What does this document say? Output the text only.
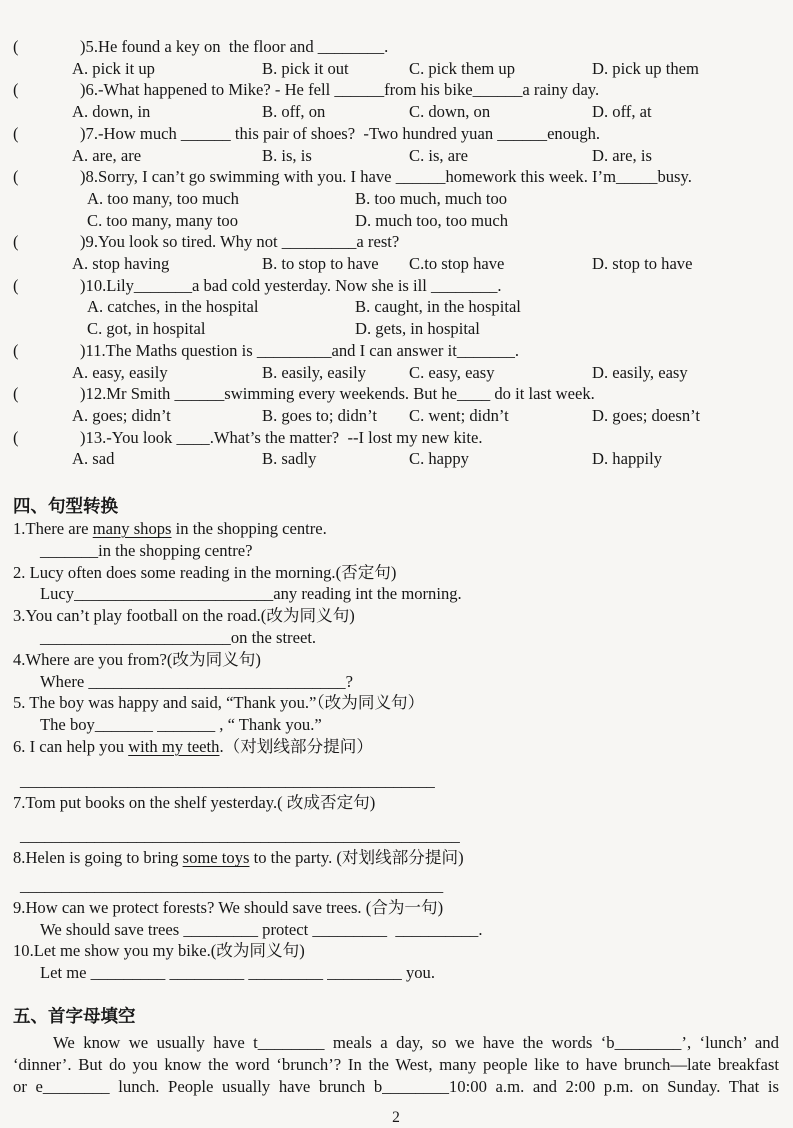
(	)5.He found a key on  the floor and ________.
A. pick it up	B. pick it out	C. pick them up	D. pick up them
(	)6.-What happened to Mike? - He fell ______from his bike______a rainy day.
A. down, in	B. off, on	C. down, on	D. off, at
(	)7.-How much ______ this pair of shoes?  -Two hundred yuan ______enough.
A. are, are	B. is, is	C. is, are	D. are, is
(	)8.Sorry, I can’t go swimming with you. I have ______homework this week. I’m_____busy.
A. too many, too much	B. too much, much too
C. too many, many too	D. much too, too much
(	)9.You look so tired. Why not _________a rest?
A. stop having	B. to stop to have	C.to stop have	D. stop to have
(	)10.Lily_______a bad cold yesterday. Now she is ill ________.
A. catches, in the hospital	B. caught, in the hospital
C. got, in hospital	D. gets, in hospital
(	)11.The Maths question is _________and I can answer it_______.
A. easy, easily	B. easily, easily	C. easy, easy	D. easily, easy
(	)12.Mr Smith ______swimming every weekends. But he____ do it last week.
A. goes; didn’t	B. goes to; didn’t	C. went; didn’t	D. goes; doesn’t
(	)13.-You look ____.What’s the matter?  --I lost my new kite.
A. sad	B. sadly	C. happy	D. happily
四、句型转换
1.There are many shops in the shopping centre.
_______in the shopping centre?
2. Lucy often does some reading in the morning.(否定句)
Lucy________________________any reading int the morning.
3.You can’t play football on the road.(改为同义句)
_______________________on the street.
4.Where are you from?(改为同义句)
Where _______________________________?
5. The boy was happy and said, “Thank you.”（改为同义句）
The boy_______ _______ , “ Thank you.”
6. I can help you with my teeth.（对划线部分提问）
__________________________________________________
7.Tom put books on the shelf yesterday.( 改成否定句)
_____________________________________________________
8.Helen is going to bring some toys to the party. (对划线部分提问)
___________________________________________________
9.How can we protect forests? We should save trees. (合为一句)
We should save trees _________ protect _________  __________.
10.Let me show you my bike.(改为同义句)
Let me _________ _________ _________ _________ you.
五、首字母填空
We know we usually have t________ meals a day, so we have the words ‘b________’, ‘lunch’ and
‘dinner’. But do you know the word ‘brunch’? In the West, many people like to have brunch—late breakfast
or e________ lunch. People usually have brunch b________10:00 a.m. and 2:00 p.m. on Sunday. That is
2
